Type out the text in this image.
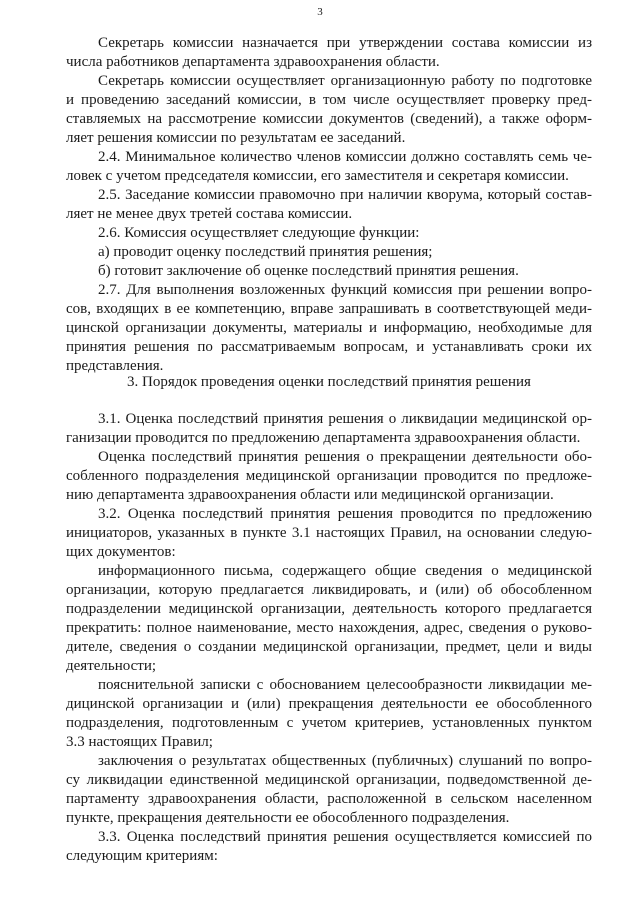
3
Секретарь комиссии назначается при утверждении состава комиссии из
числа работников департамента здравоохранения области.
Секретарь комиссии осуществляет организационную работу по подготовке
и проведению заседаний комиссии, в том числе осуществляет проверку пред-
ставляемых на рассмотрение комиссии документов (сведений), а также оформ-
ляет решения комиссии по результатам ее заседаний.
2.4. Минимальное количество членов комиссии должно составлять семь че-
ловек с учетом председателя комиссии, его заместителя и секретаря комиссии.
2.5. Заседание комиссии правомочно при наличии кворума, который состав-
ляет не менее двух третей состава комиссии.
2.6. Комиссия осуществляет следующие функции:
а) проводит оценку последствий принятия решения;
б) готовит заключение об оценке последствий принятия решения.
2.7. Для выполнения возложенных функций комиссия при решении вопро-
сов, входящих в ее компетенцию, вправе запрашивать в соответствующей меди-
цинской организации документы, материалы и информацию, необходимые для
принятия решения по рассматриваемым вопросам, и устанавливать сроки их
представления.
3. Порядок проведения оценки последствий принятия решения
3.1. Оценка последствий принятия решения о ликвидации медицинской ор-
ганизации проводится по предложению департамента здравоохранения области.
Оценка последствий принятия решения о прекращении деятельности обо-
собленного подразделения медицинской организации проводится по предложе-
нию департамента здравоохранения области или медицинской организации.
3.2. Оценка последствий принятия решения проводится по предложению
инициаторов, указанных в пункте 3.1 настоящих Правил, на основании следую-
щих документов:
информационного письма, содержащего общие сведения о медицинской
организации, которую предлагается ликвидировать, и (или) об обособленном
подразделении медицинской организации, деятельность которого предлагается
прекратить: полное наименование, место нахождения, адрес, сведения о руково-
дителе, сведения о создании медицинской организации, предмет, цели и виды
деятельности;
пояснительной записки с обоснованием целесообразности ликвидации ме-
дицинской организации и (или) прекращения деятельности ее обособленного
подразделения, подготовленным с учетом критериев, установленных пунктом
3.3 настоящих Правил;
заключения о результатах общественных (публичных) слушаний по вопро-
су ликвидации единственной медицинской организации, подведомственной де-
партаменту здравоохранения области, расположенной в сельском населенном
пункте, прекращения деятельности ее обособленного подразделения.
3.3. Оценка последствий принятия решения осуществляется комиссией по
следующим критериям:
